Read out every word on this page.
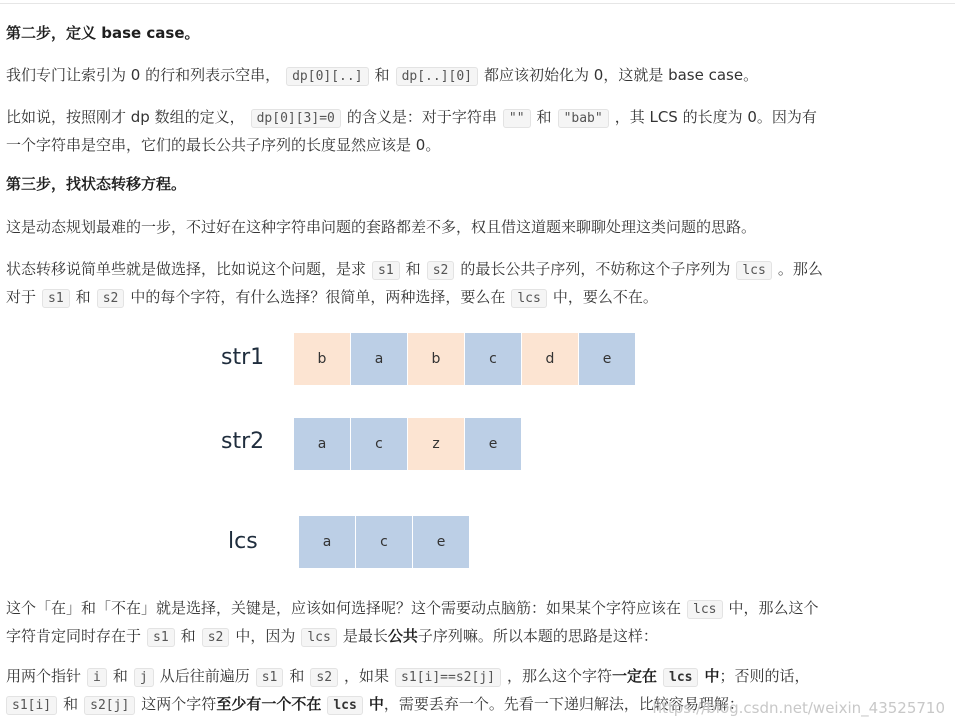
第二步，定义 base case。

我们专门让索引为 0 的行和列表示空串， dp[0][..] 和 dp[..][0] 都应该初始化为 0，这就是 base case。

比如说，按照刚才 dp 数组的定义， dp[0][3]=0 的含义是：对于字符串 "" 和 "bab" ，其 LCS 的长度为 0。因为有
一个字符串是空串，它们的最长公共子序列的长度显然应该是 0。

第三步，找状态转移方程。

这是动态规划最难的一步，不过好在这种字符串问题的套路都差不多，权且借这道题来聊聊处理这类问题的思路。

状态转移说简单些就是做选择，比如说这个问题，是求 s1 和 s2 的最长公共子序列，不妨称这个子序列为 lcs 。那么
对于 s1 和 s2 中的每个字符，有什么选择？很简单，两种选择，要么在 lcs 中，要么不在。

str1	b	a	b	c	d	e
str2	a	c	z	e
lcs	a	c	e

这个「在」和「不在」就是选择，关键是，应该如何选择呢？这个需要动点脑筋：如果某个字符应该在 lcs 中，那么这个
字符肯定同时存在于 s1 和 s2 中，因为 lcs 是最长公共子序列嘛。所以本题的思路是这样：

用两个指针 i 和 j 从后往前遍历 s1 和 s2 ，如果 s1[i]==s2[j] ，那么这个字符一定在 lcs 中；否则的话，
s1[i] 和 s2[j] 这两个字符至少有一个不在 lcs 中，需要丢弃一个。先看一下递归解法，比较容易理解：

https://blog.csdn.net/weixin_43525710
